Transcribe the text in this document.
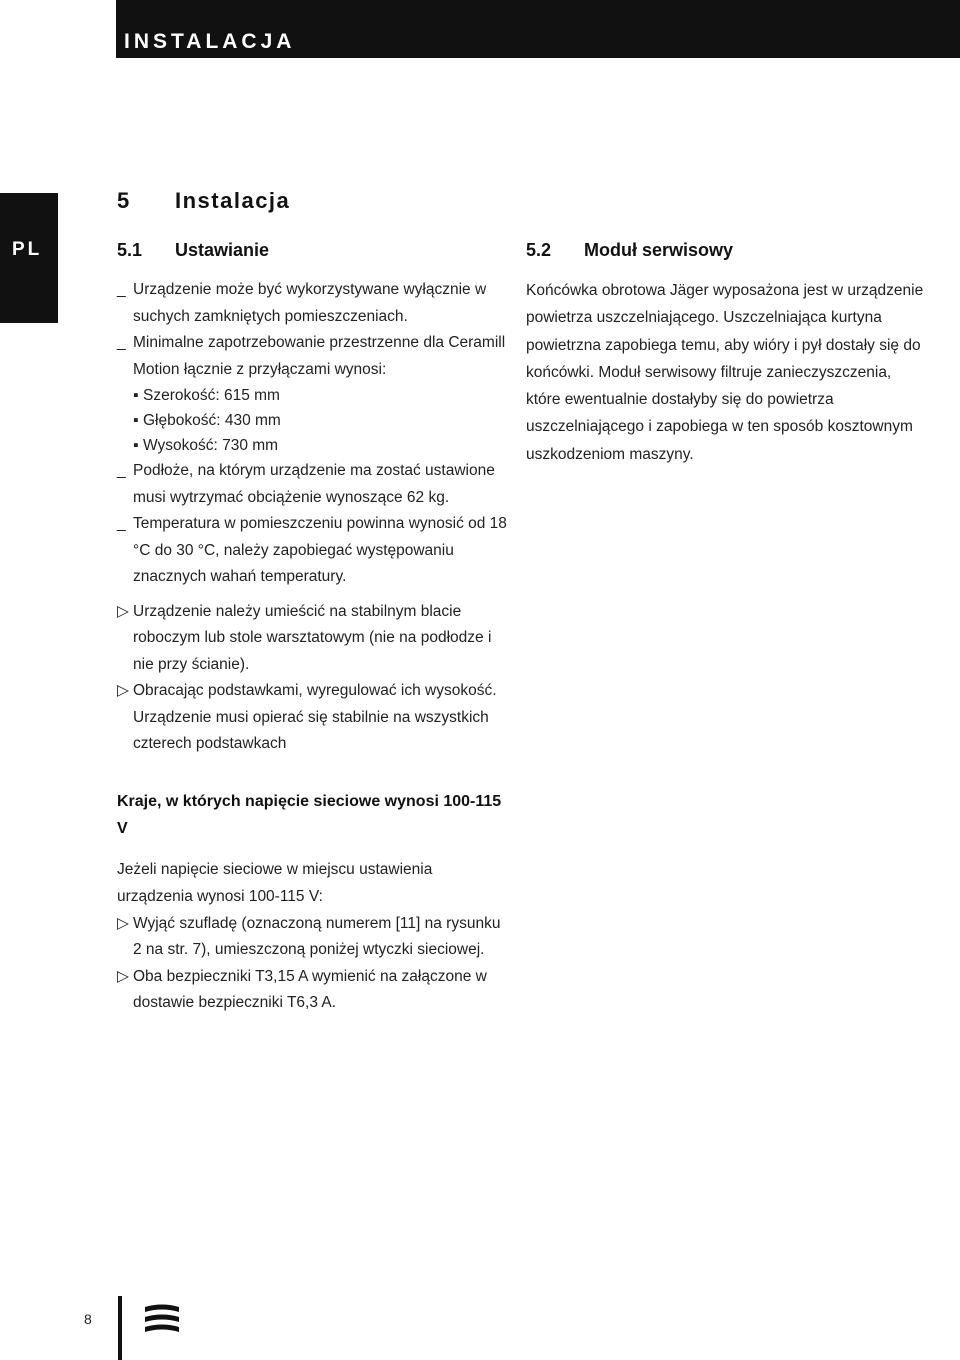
INSTALACJA
PL
5 Instalacja
5.1 Ustawianie	5.2 Moduł serwisowy
_ Urządzenie może być wykorzystywane wyłącznie w suchych zamkniętych pomieszczeniach.
_ Minimalne zapotrzebowanie przestrzenne dla Ceramill Motion łącznie z przyłączami wynosi:
▪ Szerokość: 615 mm
▪ Głębokość: 430 mm
▪ Wysokość: 730 mm
_ Podłoże, na którym urządzenie ma zostać ustawione musi wytrzymać obciążenie wynoszące 62 kg.
_ Temperatura w pomieszczeniu powinna wynosić od 18 °C do 30 °C, należy zapobiegać występowaniu znacznych wahań temperatury.
▷ Urządzenie należy umieścić na stabilnym blacie roboczym lub stole warsztatowym (nie na podłodze i nie przy ścianie).
▷ Obracając podstawkami, wyregulować ich wysokość. Urządzenie musi opierać się stabilnie na wszystkich czterech podstawkach
Kraje, w których napięcie sieciowe wynosi 100-115 V
Jeżeli napięcie sieciowe w miejscu ustawienia urządzenia wynosi 100-115 V:
▷ Wyjąć szufladę (oznaczoną numerem [11] na rysunku 2 na str. 7), umieszczoną poniżej wtyczki sieciowej.
▷ Oba bezpieczniki T3,15 A wymienić na załączone w dostawie bezpieczniki T6,3 A.
Końcówka obrotowa Jäger wyposażona jest w urządzenie powietrza uszczelniającego. Uszczelniająca kurtyna powietrzna zapobiega temu, aby wióry i pył dostały się do końcówki. Moduł serwisowy filtruje zanieczyszczenia, które ewentualnie dostałyby się do powietrza uszczelniającego i zapobiega w ten sposób kosztownym uszkodzeniom maszyny.
8
